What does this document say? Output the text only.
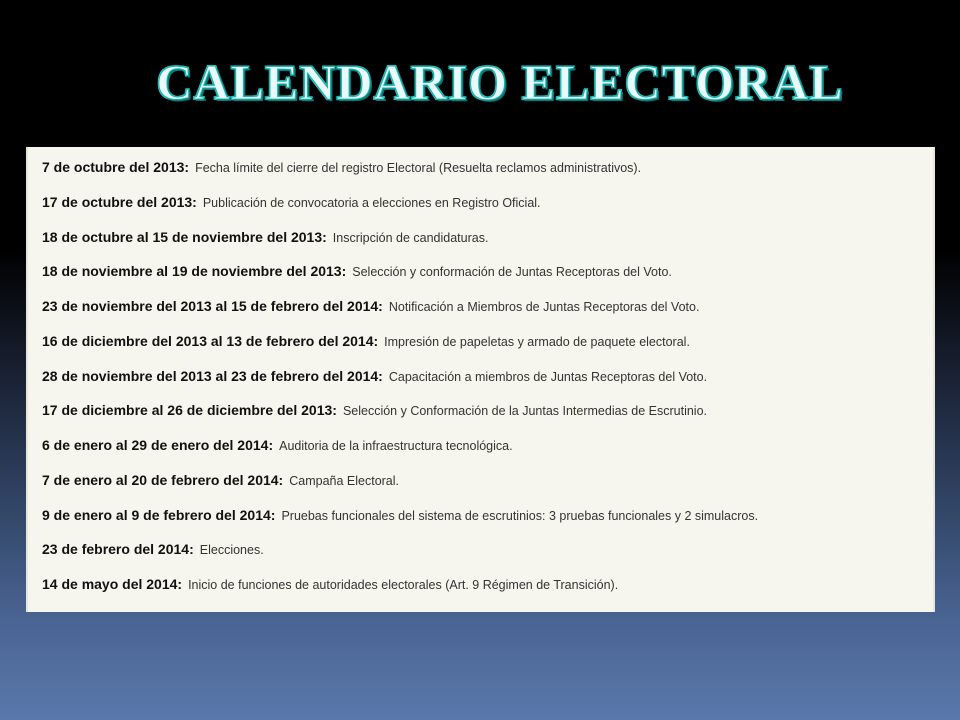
CALENDARIO ELECTORAL
7 de octubre del 2013: Fecha límite del cierre del registro Electoral (Resuelta reclamos administrativos).
17 de octubre del 2013: Publicación de convocatoria a elecciones en Registro Oficial.
18 de octubre al 15 de noviembre del 2013: Inscripción de candidaturas.
18 de noviembre al 19 de noviembre del 2013: Selección y conformación de Juntas Receptoras del Voto.
23 de noviembre del 2013 al 15 de febrero del 2014: Notificación a Miembros de Juntas Receptoras del Voto.
16 de diciembre del 2013 al 13 de febrero del 2014: Impresión de papeletas y armado de paquete electoral.
28 de noviembre del 2013 al 23 de febrero del 2014: Capacitación a miembros de Juntas Receptoras del Voto.
17 de diciembre al 26 de diciembre del 2013: Selección y Conformación de la Juntas Intermedias de Escrutinio.
6 de enero al 29 de enero del 2014: Auditoria de la infraestructura tecnológica.
7 de enero al 20 de febrero del 2014: Campaña Electoral.
9 de enero al 9 de febrero del 2014: Pruebas funcionales del sistema de escrutinios: 3 pruebas funcionales y 2 simulacros.
23 de febrero del 2014: Elecciones.
14 de mayo del 2014: Inicio de funciones de autoridades electorales (Art. 9 Régimen de Transición).
